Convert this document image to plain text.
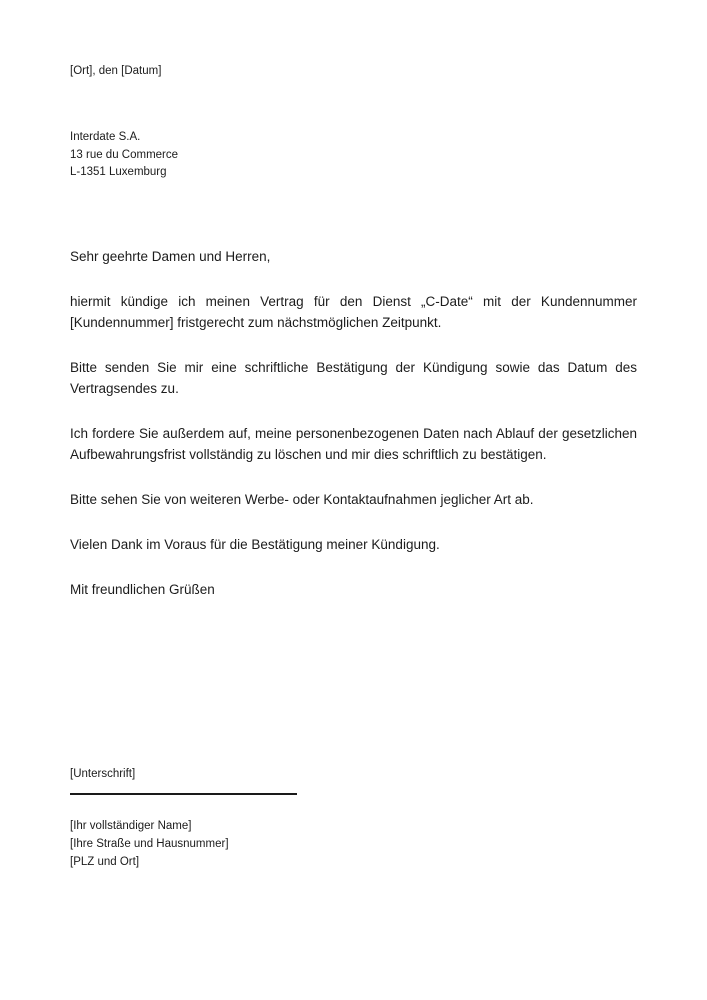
[Ort], den [Datum]
Interdate S.A.
13 rue du Commerce
L-1351 Luxemburg

Sehr geehrte Damen und Herren,

hiermit kündige ich meinen Vertrag für den Dienst „C-Date“ mit der Kundennummer [Kundennummer] fristgerecht zum nächstmöglichen Zeitpunkt.

Bitte senden Sie mir eine schriftliche Bestätigung der Kündigung sowie das Datum des Vertragsendes zu.

Ich fordere Sie außerdem auf, meine personenbezogenen Daten nach Ablauf der gesetzlichen Aufbewahrungsfrist vollständig zu löschen und mir dies schriftlich zu bestätigen.

Bitte sehen Sie von weiteren Werbe- oder Kontaktaufnahmen jeglicher Art ab.

Vielen Dank im Voraus für die Bestätigung meiner Kündigung.

Mit freundlichen Grüßen

[Unterschrift]
[Ihr vollständiger Name]
[Ihre Straße und Hausnummer]
[PLZ und Ort]
